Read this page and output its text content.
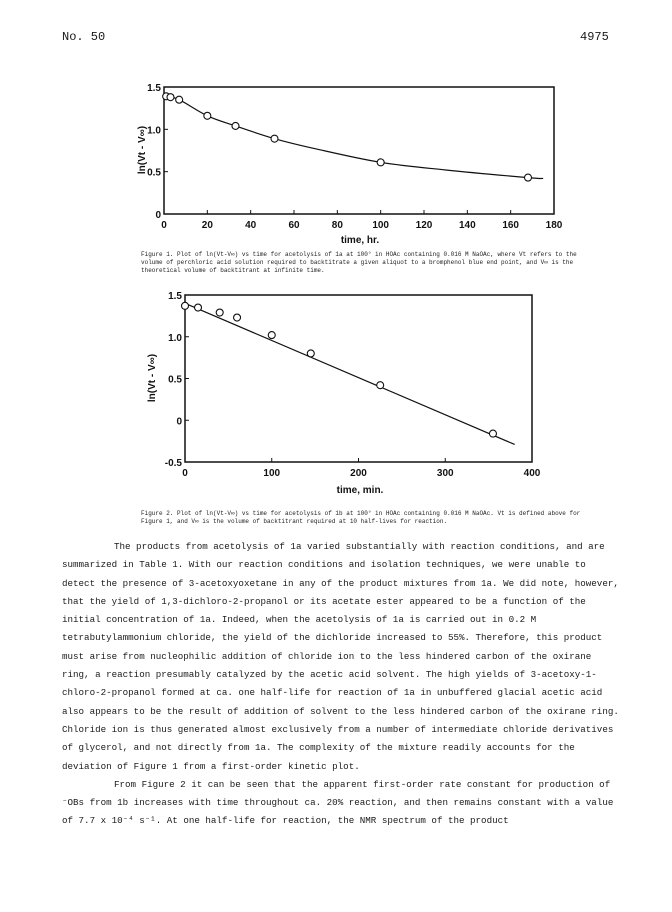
No. 50	4975
0	20	40	60	80	100	120	140	160	180
0
0.5
1.0
1.5
time, hr.
ln(Vt - V∞)
0	100	200	300	400
-0.5
0
0.5
1.0
1.5
time, min.
ln(Vt - V∞)
Figure 1. Plot of ln(Vt-V∞) vs time for acetolysis of 1a at 100° in HOAc containing 0.016 M NaOAc, where Vt refers to the volume of perchloric acid solution required to backtitrate a given aliquot to a bromphenol blue end point, and V∞ is the theoretical volume of backtitrant at infinite time.
Figure 2. Plot of ln(Vt-V∞) vs time for acetolysis of 1b at 100° in HOAc containing 0.016 M NaOAc. Vt is defined above for Figure 1, and V∞ is the volume of backtitrant required at 10 half-lives for reaction.

The products from acetolysis of 1a varied substantially with reaction conditions, and are summarized in Table 1. With our reaction conditions and isolation techniques, we were unable to detect the presence of 3-acetoxyoxetane in any of the product mixtures from 1a. We did note, however, that the yield of 1,3-dichloro-2-propanol or its acetate ester appeared to be a function of the initial concentration of 1a. Indeed, when the acetolysis of 1a is carried out in 0.2 M tetrabutylammonium chloride, the yield of the dichloride increased to 55%. Therefore, this product must arise from nucleophilic addition of chloride ion to the less hindered carbon of the oxirane ring, a reaction presumably catalyzed by the acetic acid solvent. The high yields of 3-acetoxy-1-chloro-2-propanol formed at ca. one half-life for reaction of 1a in unbuffered glacial acetic acid also appears to be the result of addition of solvent to the less hindered carbon of the oxirane ring. Chloride ion is thus generated almost exclusively from a number of intermediate chloride derivatives of glycerol, and not directly from 1a. The complexity of the mixture readily accounts for the deviation of Figure 1 from a first-order kinetic plot.

From Figure 2 it can be seen that the apparent first-order rate constant for production of ⁻OBs from 1b increases with time throughout ca. 20% reaction, and then remains constant with a value of 7.7 x 10⁻⁴ s⁻¹. At one half-life for reaction, the NMR spectrum of the product
